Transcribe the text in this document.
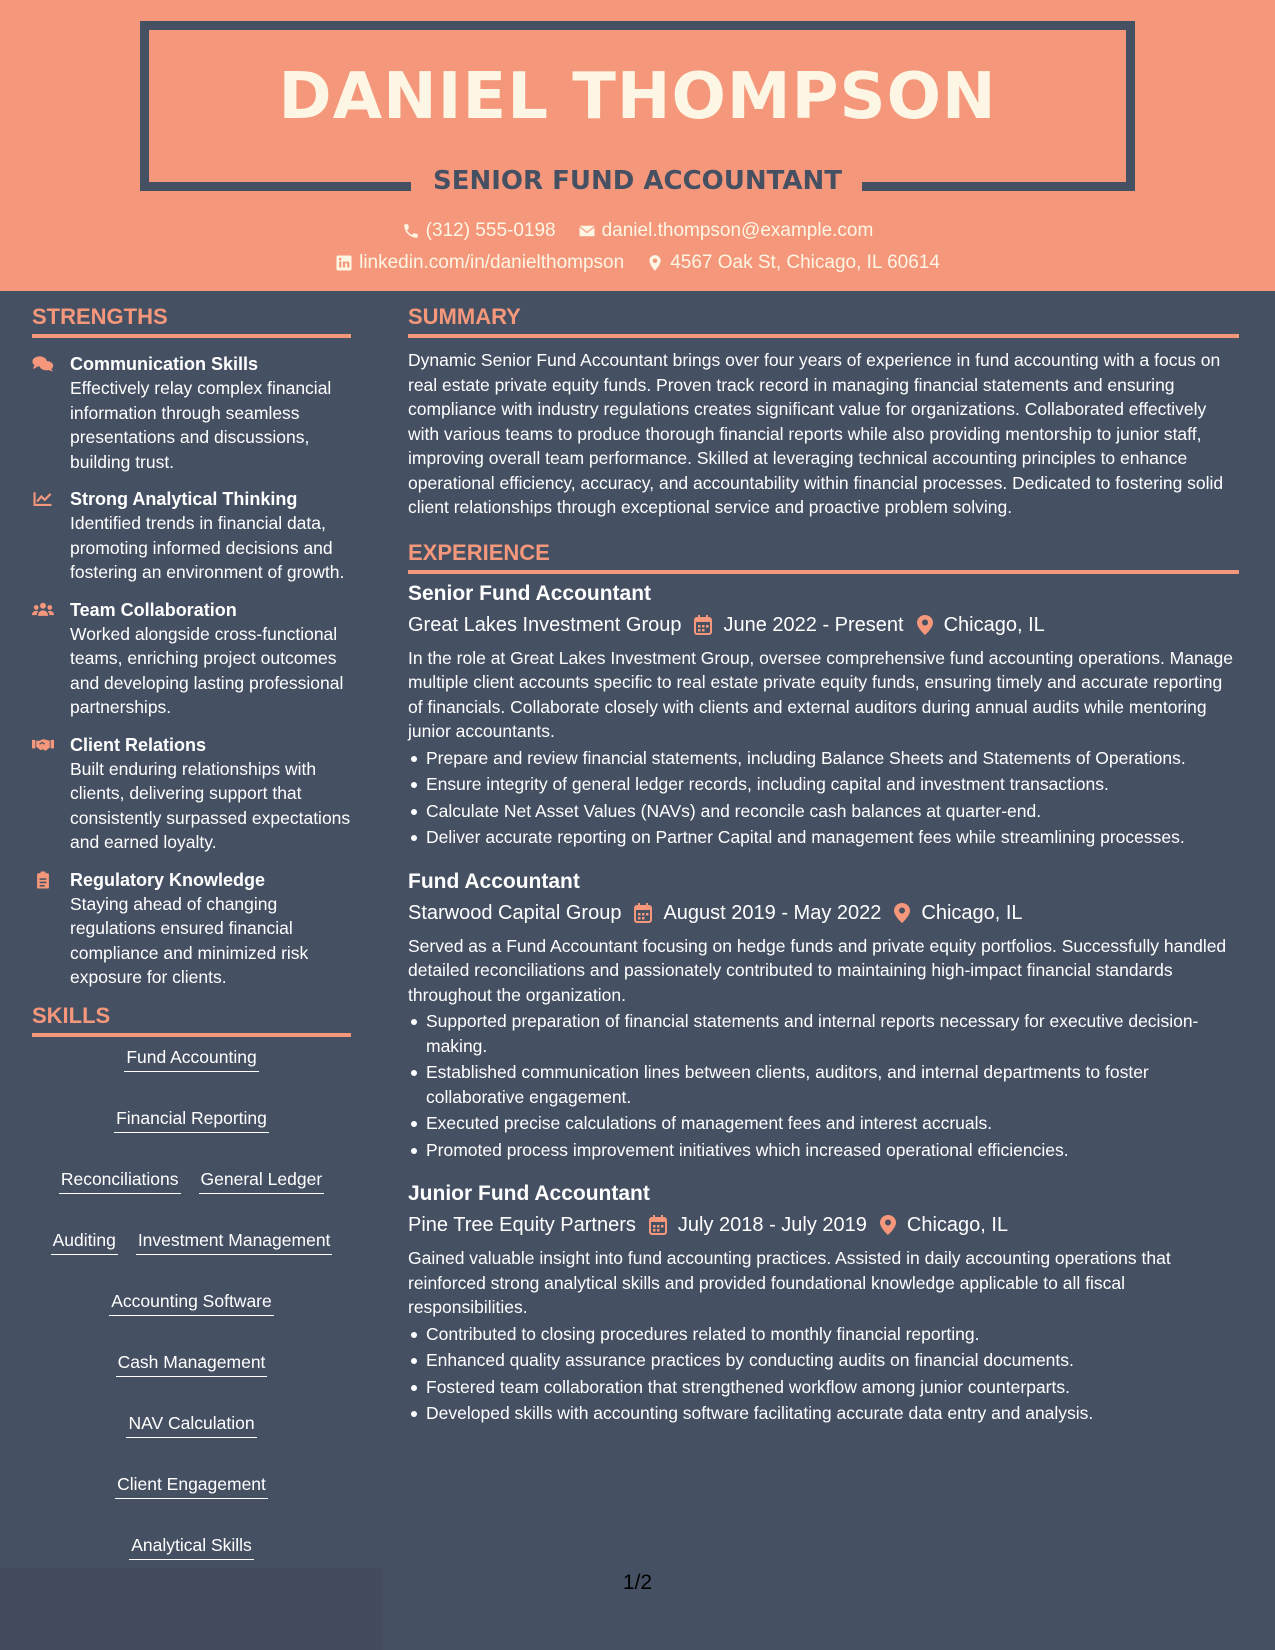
DANIEL THOMPSON
SENIOR FUND ACCOUNTANT
(312) 555-0198 daniel.thompson@example.com
linkedin.com/in/danielthompson 4567 Oak St, Chicago, IL 60614
STRENGTHS
Communication Skills
Effectively relay complex financial information through seamless presentations and discussions, building trust.
Strong Analytical Thinking
Identified trends in financial data, promoting informed decisions and fostering an environment of growth.
Team Collaboration
Worked alongside cross-functional teams, enriching project outcomes and developing lasting professional partnerships.
Client Relations
Built enduring relationships with clients, delivering support that consistently surpassed expectations and earned loyalty.
Regulatory Knowledge
Staying ahead of changing regulations ensured financial compliance and minimized risk exposure for clients.
SKILLS
Fund Accounting
Financial Reporting
Reconciliations General Ledger
Auditing Investment Management
Accounting Software
Cash Management
NAV Calculation
Client Engagement
Analytical Skills
SUMMARY
Dynamic Senior Fund Accountant brings over four years of experience in fund accounting with a focus on real estate private equity funds. Proven track record in managing financial statements and ensuring compliance with industry regulations creates significant value for organizations. Collaborated effectively with various teams to produce thorough financial reports while also providing mentorship to junior staff, improving overall team performance. Skilled at leveraging technical accounting principles to enhance operational efficiency, accuracy, and accountability within financial processes. Dedicated to fostering solid client relationships through exceptional service and proactive problem solving.
EXPERIENCE
Senior Fund Accountant
Great Lakes Investment Group June 2022 - Present Chicago, IL
In the role at Great Lakes Investment Group, oversee comprehensive fund accounting operations. Manage multiple client accounts specific to real estate private equity funds, ensuring timely and accurate reporting of financials. Collaborate closely with clients and external auditors during annual audits while mentoring junior accountants.
Prepare and review financial statements, including Balance Sheets and Statements of Operations.
Ensure integrity of general ledger records, including capital and investment transactions.
Calculate Net Asset Values (NAVs) and reconcile cash balances at quarter-end.
Deliver accurate reporting on Partner Capital and management fees while streamlining processes.
Fund Accountant
Starwood Capital Group August 2019 - May 2022 Chicago, IL
Served as a Fund Accountant focusing on hedge funds and private equity portfolios. Successfully handled detailed reconciliations and passionately contributed to maintaining high-impact financial standards throughout the organization.
Supported preparation of financial statements and internal reports necessary for executive decision-making.
Established communication lines between clients, auditors, and internal departments to foster collaborative engagement.
Executed precise calculations of management fees and interest accruals.
Promoted process improvement initiatives which increased operational efficiencies.
Junior Fund Accountant
Pine Tree Equity Partners July 2018 - July 2019 Chicago, IL
Gained valuable insight into fund accounting practices. Assisted in daily accounting operations that reinforced strong analytical skills and provided foundational knowledge applicable to all fiscal responsibilities.
Contributed to closing procedures related to monthly financial reporting.
Enhanced quality assurance practices by conducting audits on financial documents.
Fostered team collaboration that strengthened workflow among junior counterparts.
Developed skills with accounting software facilitating accurate data entry and analysis.
1/2
